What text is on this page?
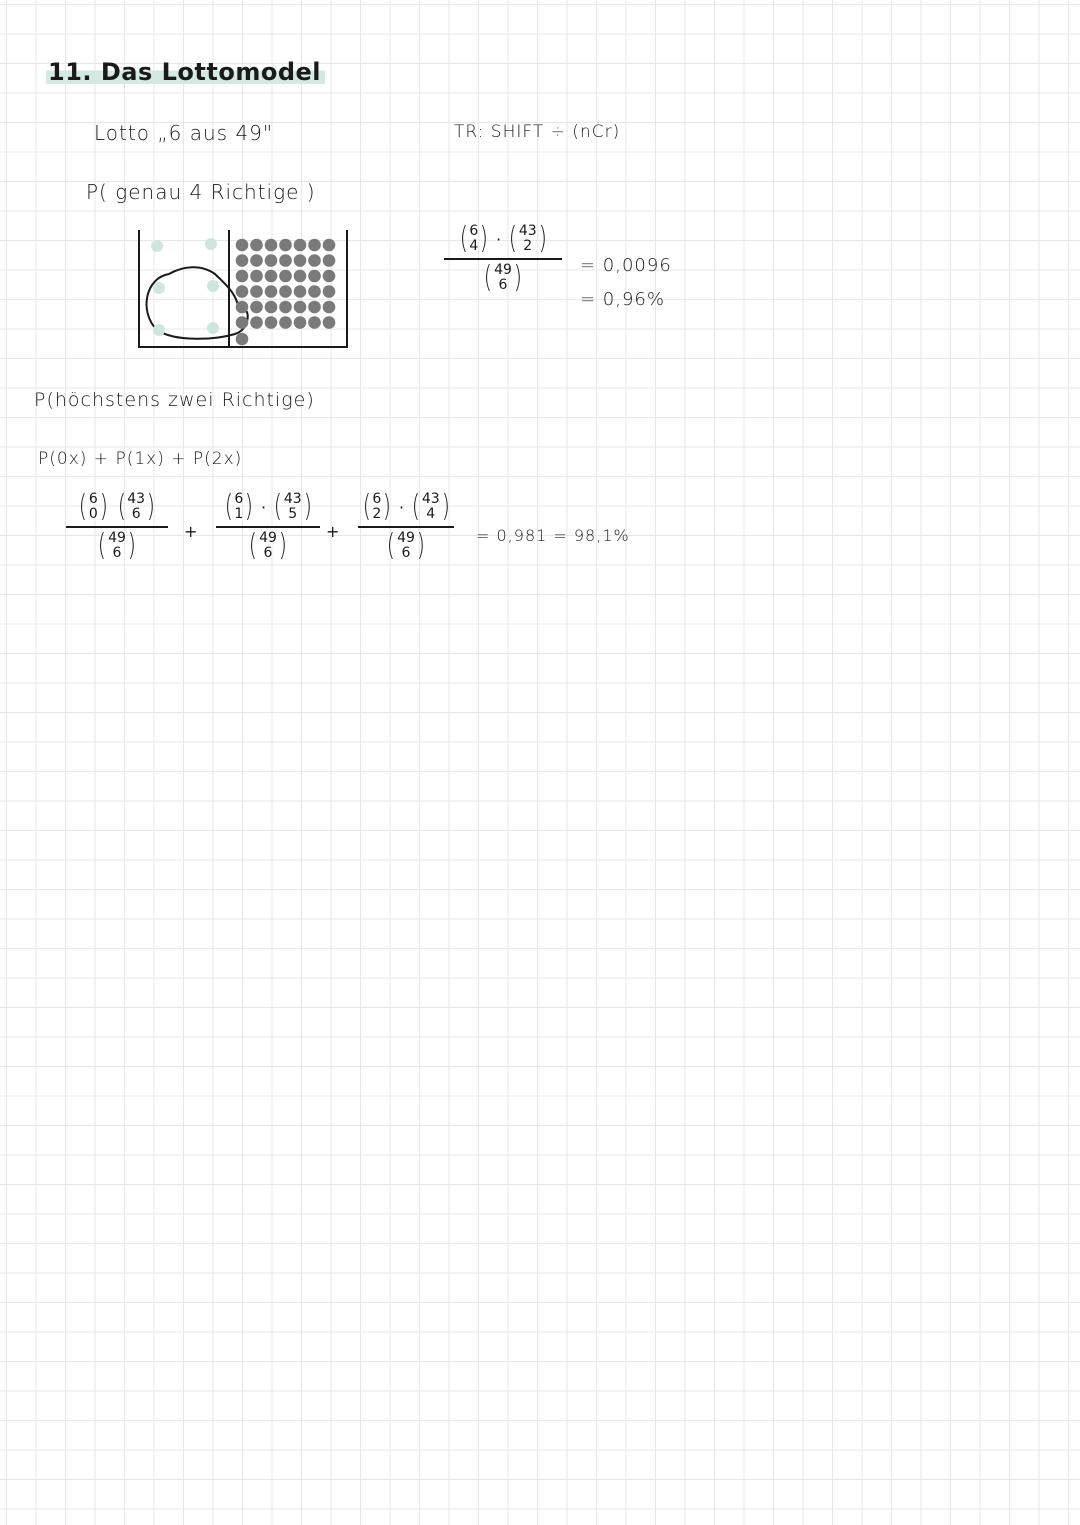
11. Das Lottomodel
Lotto „6 aus 49"	TR: SHIFT ÷ (nCr)
P( genau 4 Richtige )
( 6
4 ) · ( 43
2 )
( 49
6 )	= 0,0096
= 0,96%
P(höchstens zwei Richtige)
P(0x) + P(1x) + P(2x)
( 6
0 ) ( 43
6 )
( 49
6 )	+
( 6
1 ) · ( 43
5 )
( 49
6 ) +
( 6
2 ) · ( 43
4 )
( 49
6 )	= 0,981 = 98,1%
